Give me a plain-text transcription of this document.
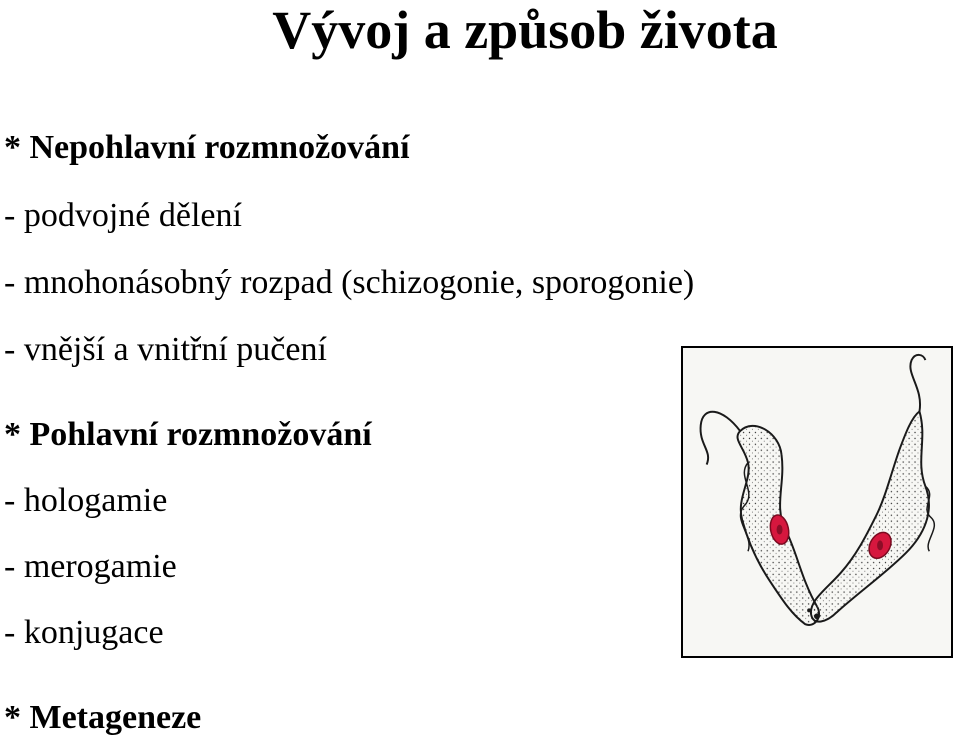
Vývoj a způsob života
* Nepohlavní rozmnožování
- podvojné dělení
- mnohonásobný rozpad (schizogonie, sporogonie)
- vnější a vnitřní pučení
* Pohlavní rozmnožování
- hologamie
- merogamie
- konjugace
* Metageneze
